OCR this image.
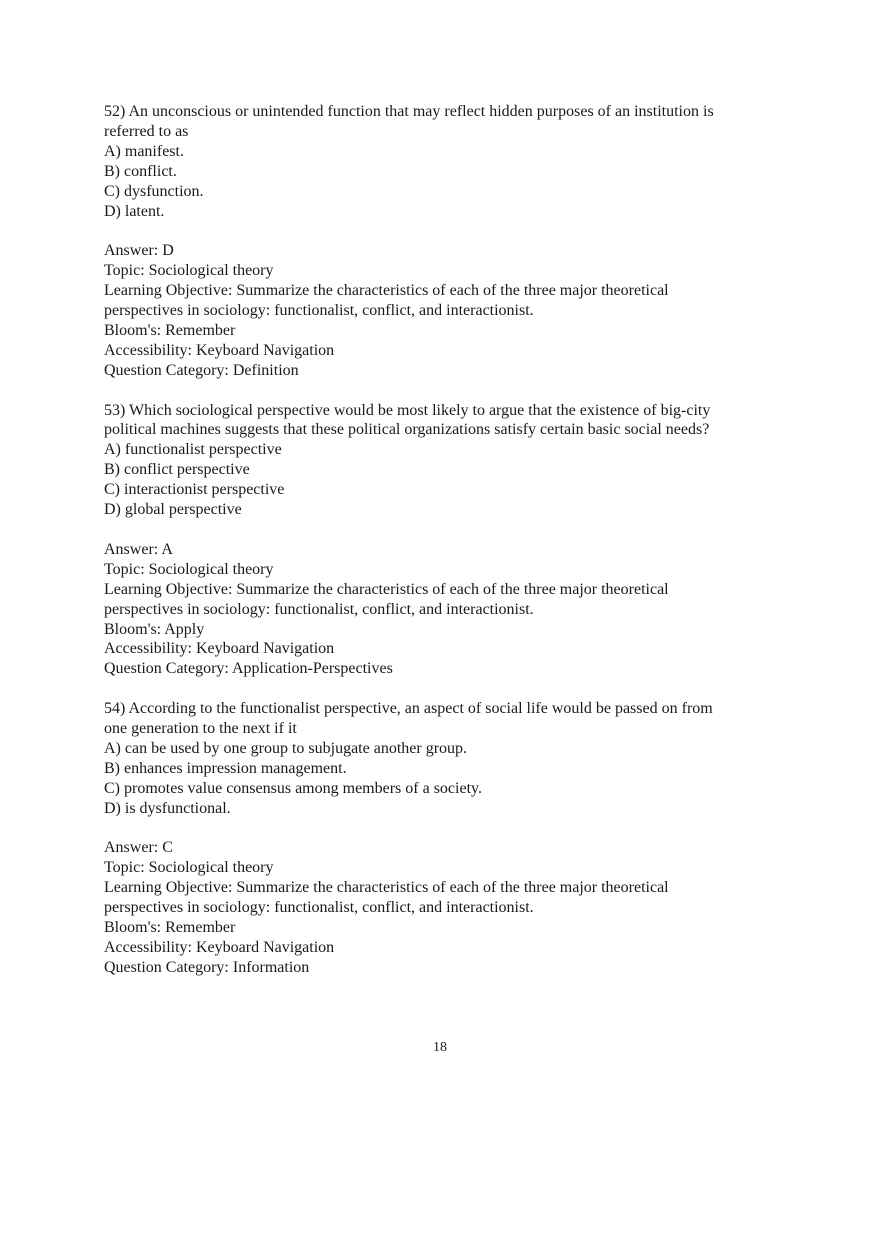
52) An unconscious or unintended function that may reflect hidden purposes of an institution is
referred to as
A) manifest.
B) conflict.
C) dysfunction.
D) latent.
Answer: D
Topic: Sociological theory
Learning Objective: Summarize the characteristics of each of the three major theoretical
perspectives in sociology: functionalist, conflict, and interactionist.
Bloom's: Remember
Accessibility: Keyboard Navigation
Question Category: Definition
53) Which sociological perspective would be most likely to argue that the existence of big-city
political machines suggests that these political organizations satisfy certain basic social needs?
A) functionalist perspective
B) conflict perspective
C) interactionist perspective
D) global perspective
Answer: A
Topic: Sociological theory
Learning Objective: Summarize the characteristics of each of the three major theoretical
perspectives in sociology: functionalist, conflict, and interactionist.
Bloom's: Apply
Accessibility: Keyboard Navigation
Question Category: Application-Perspectives
54) According to the functionalist perspective, an aspect of social life would be passed on from
one generation to the next if it
A) can be used by one group to subjugate another group.
B) enhances impression management.
C) promotes value consensus among members of a society.
D) is dysfunctional.
Answer: C
Topic: Sociological theory
Learning Objective: Summarize the characteristics of each of the three major theoretical
perspectives in sociology: functionalist, conflict, and interactionist.
Bloom's: Remember
Accessibility: Keyboard Navigation
Question Category: Information
18
